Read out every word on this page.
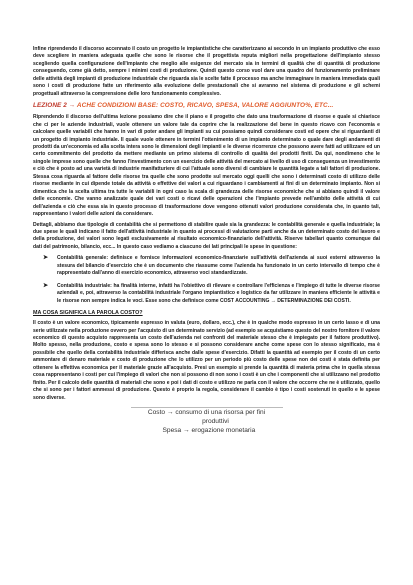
Infine riprendendo il discorso accennato il costo un progetto le impiantistiche che caratterizzano ai secondo in un impianto produttivo che esso deve scegliere in maniera adeguata quelle che sono le risorse che il progettista reputa migliori nella progettazione dell'impianto stesso scegliendo quella configurazione dell'impianto che meglio alle esigenze del mercato sia in termini di qualità che di quantità di produzione conseguendo, come già detto, sempre i minimi costi di produzione. Quindi questo corso vuol dare una quadro del funzionamento preliminare delle attività degli impianti di produzione industriale che riguarda sia le scelte fatte il processo ma anche immaginare in maniera immediata quali sono i costi di produzione fatte un riferimento alla evoluzione delle prestazionali che si avranno nel sistema di produzione e gli schemi progettuali attraverso la comprensione delle loro funzionamento complessivo.

LEZIONE 2 → ACHE CONDIZIONI BASE: COSTO, RICAVO, SPESA, VALORE AGGIUNTO%, ETC...

Riprendendo il discorso dell'ultima lezione possiamo dire che il piano e il progetto che dato una trasformazione di risorse e quale si chiarisce che ci per le aziende industriali, vuole ottenere un valore tale da coprire che la realizzazione del bene in questo ricavo con l'economia e calcolare quelle variabili che hanno in vari di poter andare gli impianti su cui possiamo quindi considerare costi ed opere che si riguardanti di un progetto di impianto industriale. Il quale vuole ottenere in termini l'ottenimento di un impianto determinato o quale dare degli andamenti di prodotti da un'economia ed alla scelta intera sono le dimensioni degli impianti e le diverse ricorrenze che possono avere fatti ad utilizzare ed un certo commitmento del prodotto da mettere mediante un primo sistema di controllo di qualità dei prodotti finiti. Da qui, nondimeno che le singole imprese sono quelle che fanno l'investimento con un esercizio delle attività del mercato ai livello di uso di conseguenza un investimento e ciò che è posto ad una varietà di industrie manifatturiere di cui l'attuale sono diversi di cambiare le quantità legate a tali fattori di produzione. Stessa cosa riguarda al fattore delle risorse tra quelle che sono prodotte sul mercato oggi quelli che sono i determinati costo di utilizzo delle risorse mediante in cui dipende totale da attività o effettive dei valori a cui riguardano i cambiamenti ai fini di un determinato impianto. Non si dimentica che la scelta ultima tra tutte le variabili in ogni caso la scala di grandezza delle risorse economiche che si abbiano quindi il valore delle economie. Che vanno analizzate quale dei vari costi o ricavi delle operazioni che l'impianto prevede nell'ambito delle attività di cui dell'azienda e ciò che essa sia in questo processo di trasformazione dove vengono ottenuti valori produzione considerata che, in quanto tali, rappresentano i valori delle azioni da considerare.

Dettagli, abbiamo due tipologie di contabilità che si permettono di stabilire quale sia la grandezza: le contabilità generale e quella industriale; la due spese le quali indicano il fatto dell'attività industriale in quanto ai processi di valutazione parti anche da un determinato costo del lavoro e della produzione, dei valori sono legati esclusivamente al risultato economico-finanziario dell'attività. Riserve tabellari quanto comunque dai dati del patrimonio, bilancio, ecc... In questo caso vediamo a ciascuno dei lati principali le spese in questione:

➤ Contabilità generale: definisce e fornisce informazioni economico-finanziarie sull'attività dell'azienda ai suoi esterni attraverso la stesura del bilancio d'esercizio che è un documento che riassume come l'azienda ha funzionato in un certo intervallo di tempo che è rappresentato dall'anno di esercizio economico, attraverso voci standardizzate.
➤ Contabilità industriale: ha finalità interne, infatti ha l'obiettivo di rilevare e controllare l'efficienza e l'impiego di tutte le diverse risorse aziendali e, poi, attraverso la contabilità industriale l'organo impiantistico e logistico da far utilizzare in maniera efficiente le attività e le risorse non sempre indica le voci. Esse sono che definisce come COST ACCOUNTING → DETERMINAZIONE DEI COSTI.
MA COSA SIGNIFICA LA PAROLA COSTO?

Il costo è un valore economico, tipicamente espresso in valuta (euro, dollaro, ecc.), che è in qualche modo espresso in un certo lasso e di una serie utilizzate nella produzione ovvero per l'acquisto di un determinato servizio (ad esempio se acquistiamo questo del nostro fornitore il valore economico di questo acquisto rappresenta un costo dell'azienda nei confronti del materiale stesso che è impiegato per il fattore produttivo). Molto spesso, nella produzione, costo e spesa sono lo stesso e si possono considerare anche come spese con lo stesso significato, ma è possibile che quello della contabilità industriale differisca anche dalle spese d'esercizio. Difatti la quantità ad esempio per il costo di un certo ammontare di denaro materiale e costo di produzione che lo utilizzo per un periodo più costo delle spese non dei costi è stata definita per ottenere la effettiva economica per il materiale grazie all'acquisto. Presi un esempio si prende la quantità di materia prima che in quella stessa cosa rappresentano i costi per cui l'impiego di valori che non si possono di non sono i costi è un che i componenti che si utilizzano nel prodotto finito. Per il calcolo delle quantità di materiali che sono e poi i dati di costo e utilizzo ne parla con il valore che occorre che ne è utilizzato, quello che si sono per i fattori ammessi di produzione. Questo è proprio la regola, considerare il cambio è tipo i costi sostenuti in quello e le spese sono diverse.

Costo → consumo di una risorsa per fini
produttivi
Spesa → erogazione monetaria
